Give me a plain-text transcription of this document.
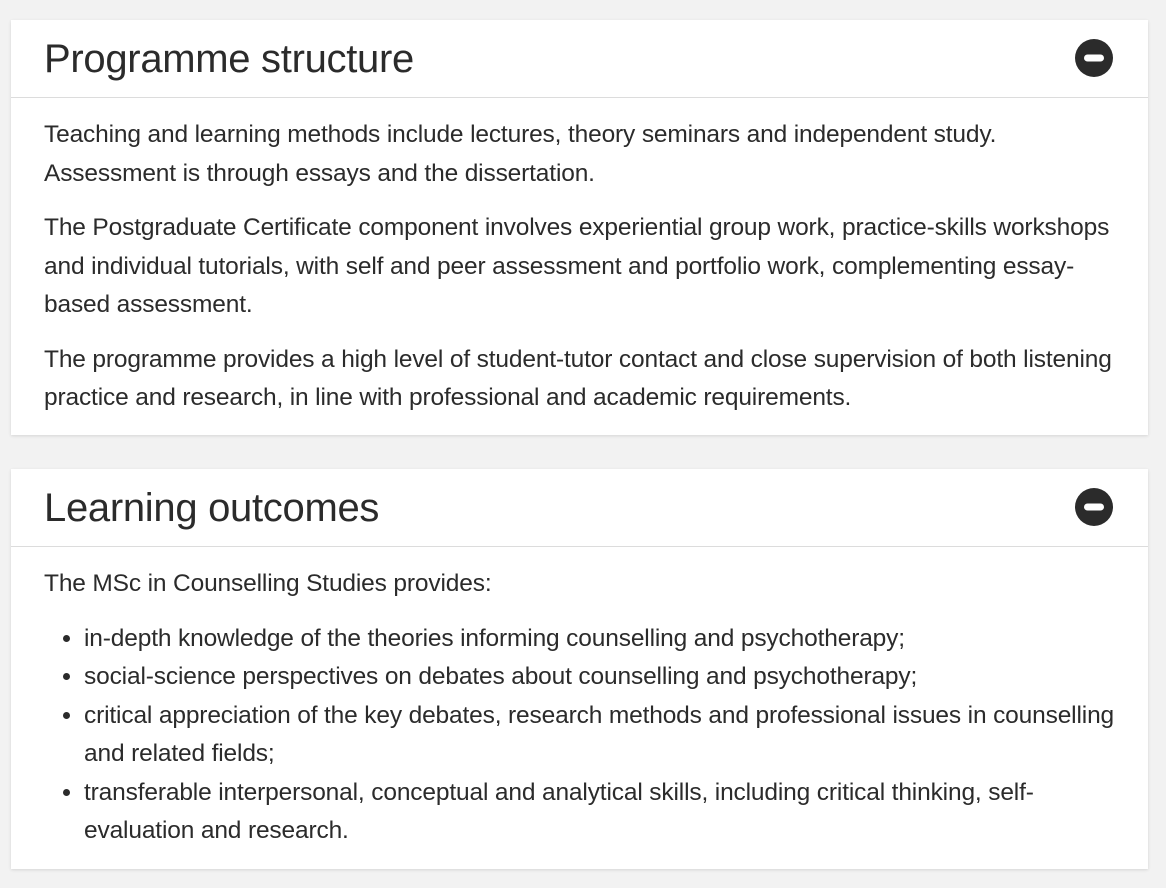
Programme structure

Teaching and learning methods include lectures, theory seminars and independent study. Assessment is through essays and the dissertation.

The Postgraduate Certificate component involves experiential group work, practice-skills workshops and individual tutorials, with self and peer assessment and portfolio work, complementing essay-based assessment.

The programme provides a high level of student-tutor contact and close supervision of both listening practice and research, in line with professional and academic requirements.

Learning outcomes

The MSc in Counselling Studies provides:

• in-depth knowledge of the theories informing counselling and psychotherapy;
• social-science perspectives on debates about counselling and psychotherapy;
• critical appreciation of the key debates, research methods and professional issues in counselling and related fields;
• transferable interpersonal, conceptual and analytical skills, including critical thinking, self-evaluation and research.
